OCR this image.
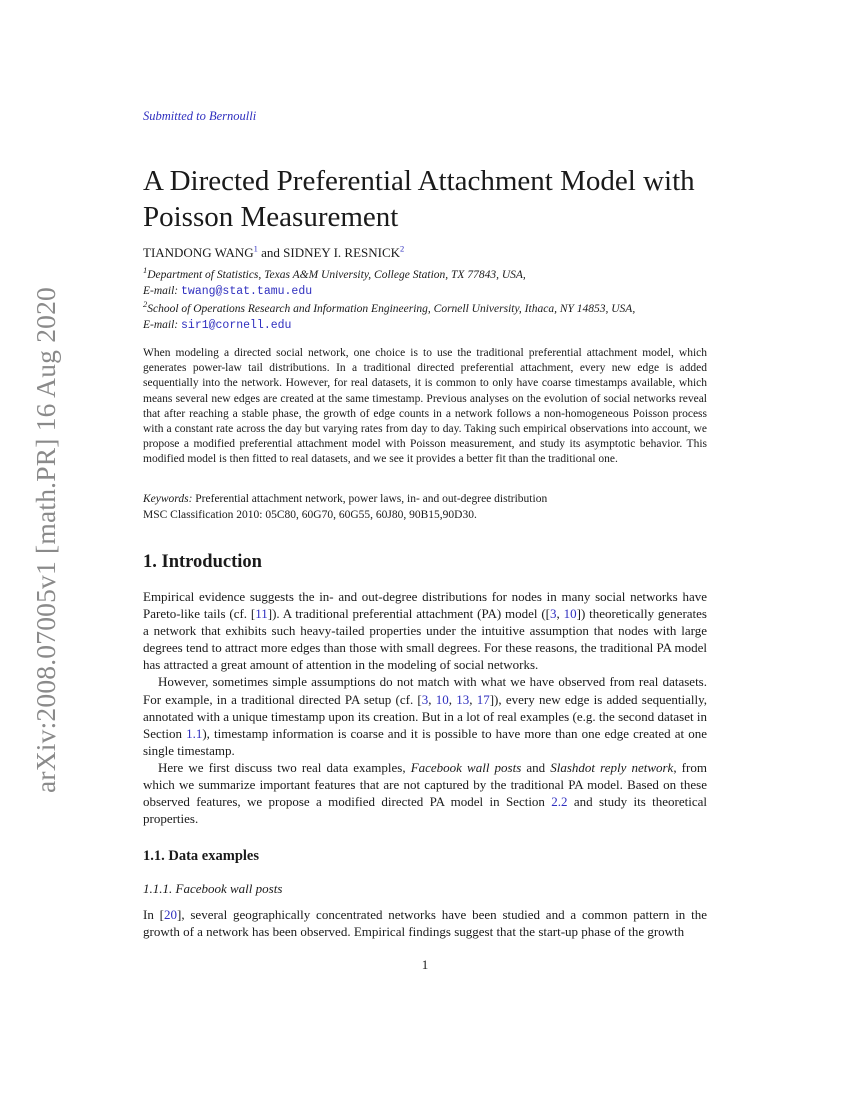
arXiv:2008.07005v1 [math.PR] 16 Aug 2020
Submitted to Bernoulli
A Directed Preferential Attachment Model with
Poisson Measurement
TIANDONG WANG$^1$ and SIDNEY I. RESNICK$^2$
$^1$Department of Statistics, Texas A&M University, College Station, TX 77843, USA,
E-mail: twang@stat.tamu.edu
$^2$School of Operations Research and Information Engineering, Cornell University, Ithaca, NY 14853, USA,
E-mail: sir1@cornell.edu
When modeling a directed social network, one choice is to use the traditional preferential attachment model, which generates power-law tail distributions. In a traditional directed preferential attachment, every new edge is added sequentially into the network. However, for real datasets, it is common to only have coarse timestamps available, which means several new edges are created at the same timestamp. Previous analyses on the evolution of social networks reveal that after reaching a stable phase, the growth of edge counts in a network follows a non-homogeneous Poisson process with a constant rate across the day but varying rates from day to day. Taking such empirical observations into account, we propose a modified preferential attachment model with Poisson measurement, and study its asymptotic behavior. This modified model is then fitted to real datasets, and we see it provides a better fit than the traditional one.
Keywords: Preferential attachment network, power laws, in- and out-degree distribution
MSC Classification 2010: 05C80, 60G70, 60G55, 60J80, 90B15,90D30.
1. Introduction

Empirical evidence suggests the in- and out-degree distributions for nodes in many social networks have Pareto-like tails (cf. [11]). A traditional preferential attachment (PA) model ([3, 10]) theoretically generates a network that exhibits such heavy-tailed properties under the intuitive assumption that nodes with large degrees tend to attract more edges than those with small degrees. For these reasons, the traditional PA model has attracted a great amount of attention in the modeling of social networks.

However, sometimes simple assumptions do not match with what we have observed from real datasets. For example, in a traditional directed PA setup (cf. [3, 10, 13, 17]), every new edge is added sequentially, annotated with a unique timestamp upon its creation. But in a lot of real examples (e.g. the second dataset in Section 1.1), timestamp information is coarse and it is possible to have more than one edge created at one single timestamp.

Here we first discuss two real data examples, Facebook wall posts and Slashdot reply network, from which we summarize important features that are not captured by the traditional PA model. Based on these observed features, we propose a modified directed PA model in Section 2.2 and study its theoretical properties.

1.1. Data examples
1.1.1. Facebook wall posts
In [20], several geographically concentrated networks have been studied and a common pattern in the growth of a network has been observed. Empirical findings suggest that the start-up phase of the growth
1
